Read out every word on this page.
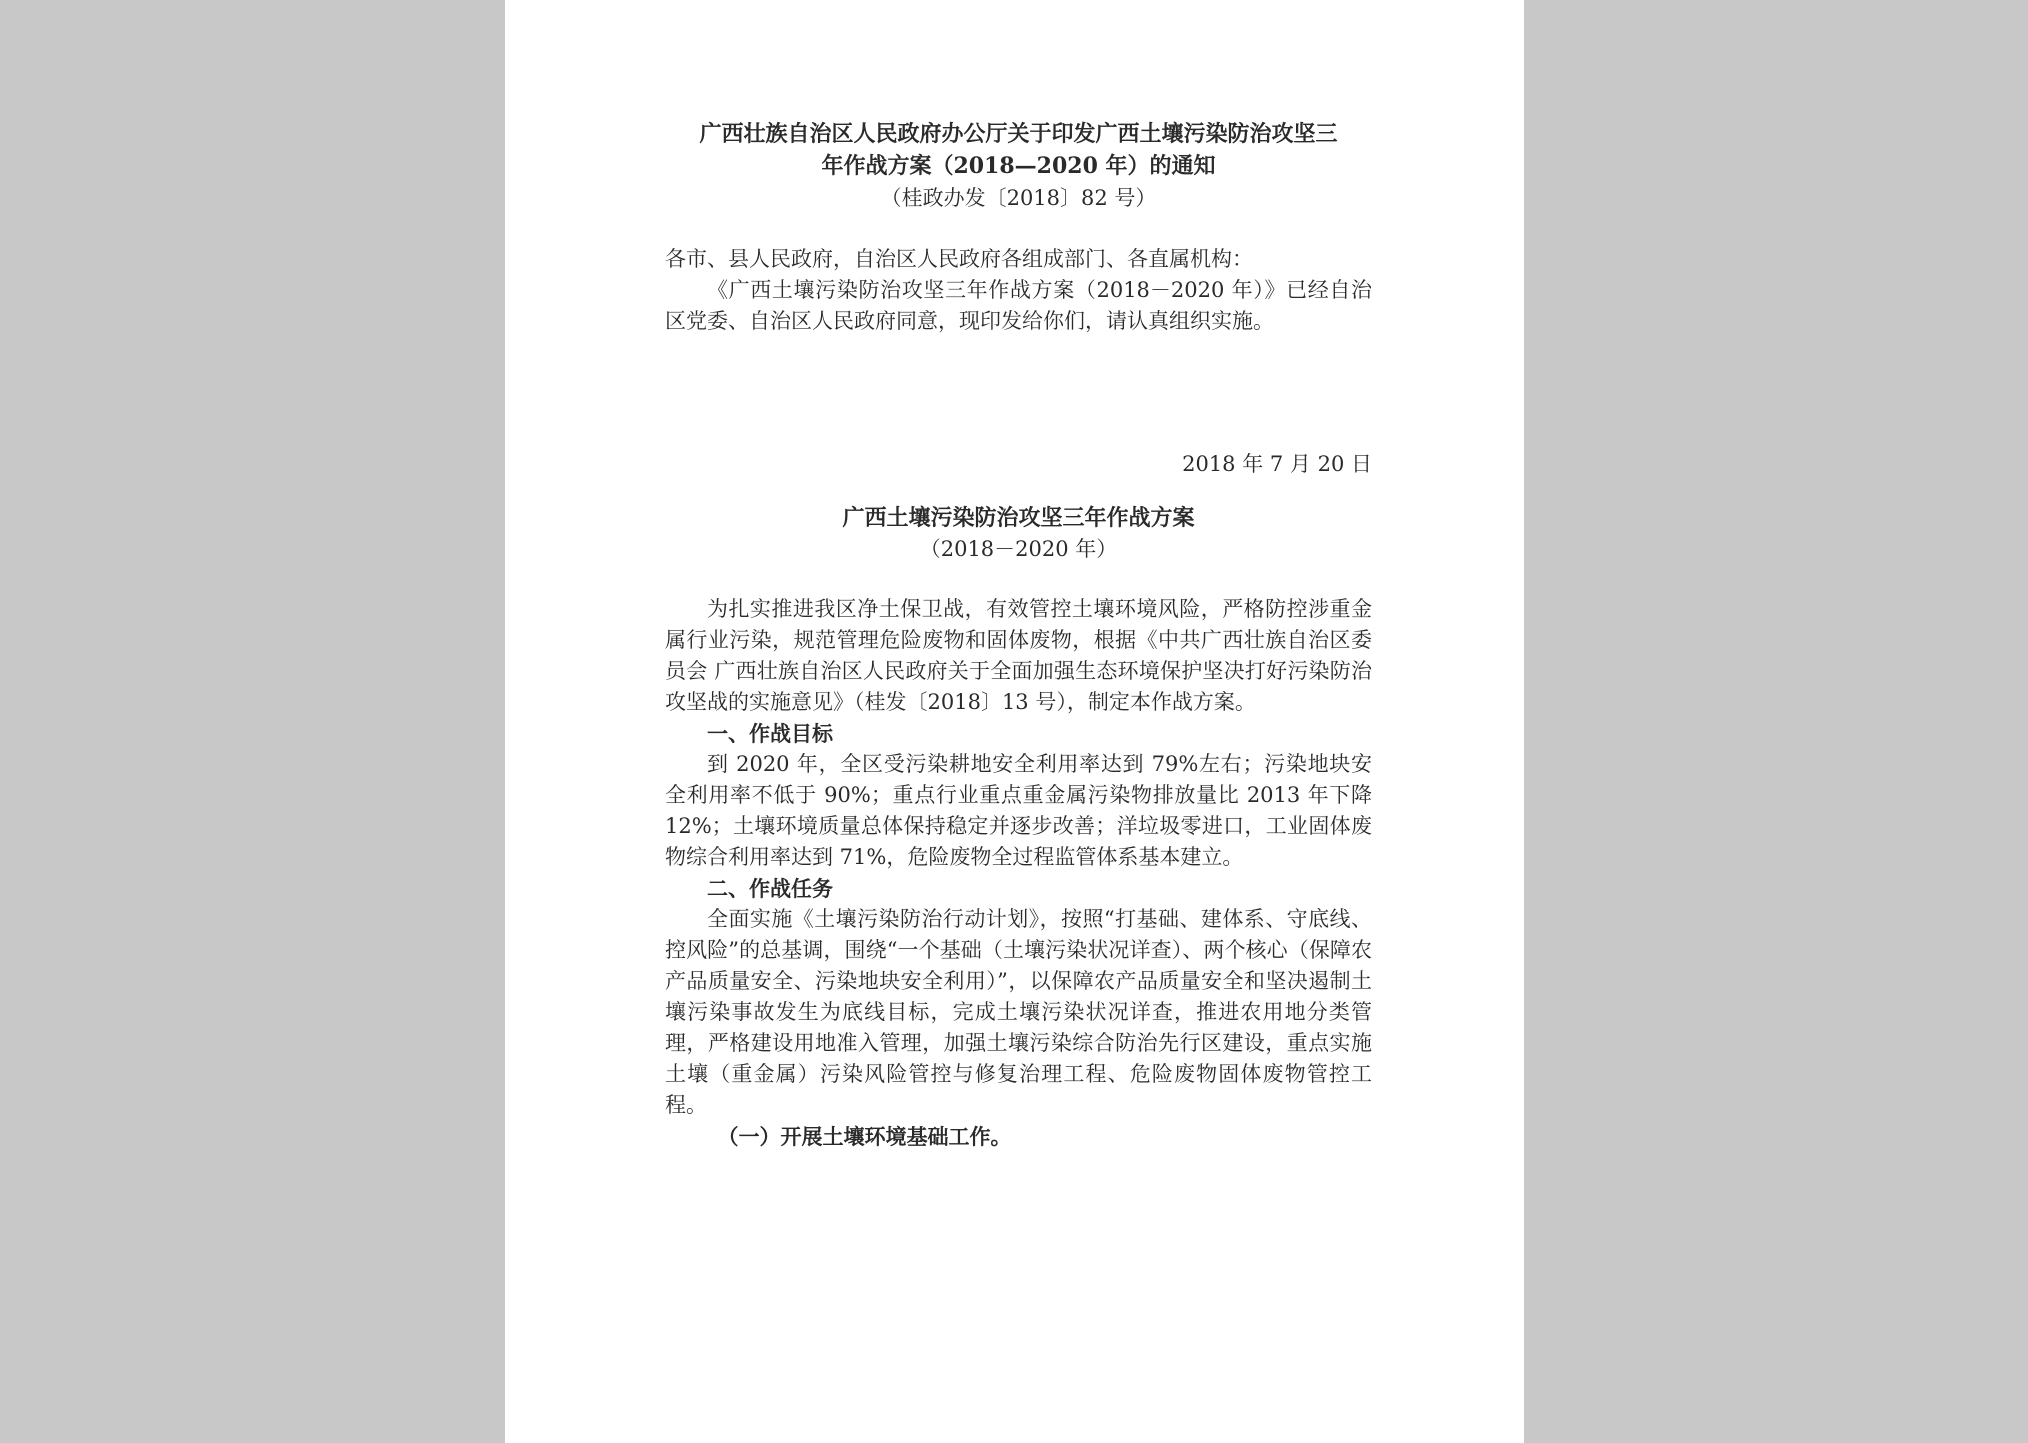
广西壮族自治区人民政府办公厅关于印发广西土壤污染防治攻坚三

年作战方案（2018—2020 年）的通知

（桂政办发〔2018〕82 号）

各市、县人民政府，自治区人民政府各组成部门、各直属机构：

《广西土壤污染防治攻坚三年作战方案（2018－2020 年）》已经自治区党委、自治区人民政府同意，现印发给你们，请认真组织实施。

2018 年 7 月 20 日

广西土壤污染防治攻坚三年作战方案

（2018－2020 年）

为扎实推进我区净土保卫战，有效管控土壤环境风险，严格防控涉重金属行业污染，规范管理危险废物和固体废物，根据《中共广西壮族自治区委员会 广西壮族自治区人民政府关于全面加强生态环境保护坚决打好污染防治攻坚战的实施意见》（桂发〔2018〕13 号），制定本作战方案。

一、作战目标

到 2020 年，全区受污染耕地安全利用率达到 79%左右；污染地块安全利用率不低于 90%；重点行业重点重金属污染物排放量比 2013 年下降 12%；土壤环境质量总体保持稳定并逐步改善；洋垃圾零进口，工业固体废物综合利用率达到 71%，危险废物全过程监管体系基本建立。

二、作战任务

全面实施《土壤污染防治行动计划》，按照“打基础、建体系、守底线、控风险”的总基调，围绕“一个基础（土壤污染状况详查）、两个核心（保障农产品质量安全、污染地块安全利用）”，以保障农产品质量安全和坚决遏制土壤污染事故发生为底线目标，完成土壤污染状况详查，推进农用地分类管理，严格建设用地准入管理，加强土壤污染综合防治先行区建设，重点实施土壤（重金属）污染风险管控与修复治理工程、危险废物固体废物管控工程。

（一）开展土壤环境基础工作。
